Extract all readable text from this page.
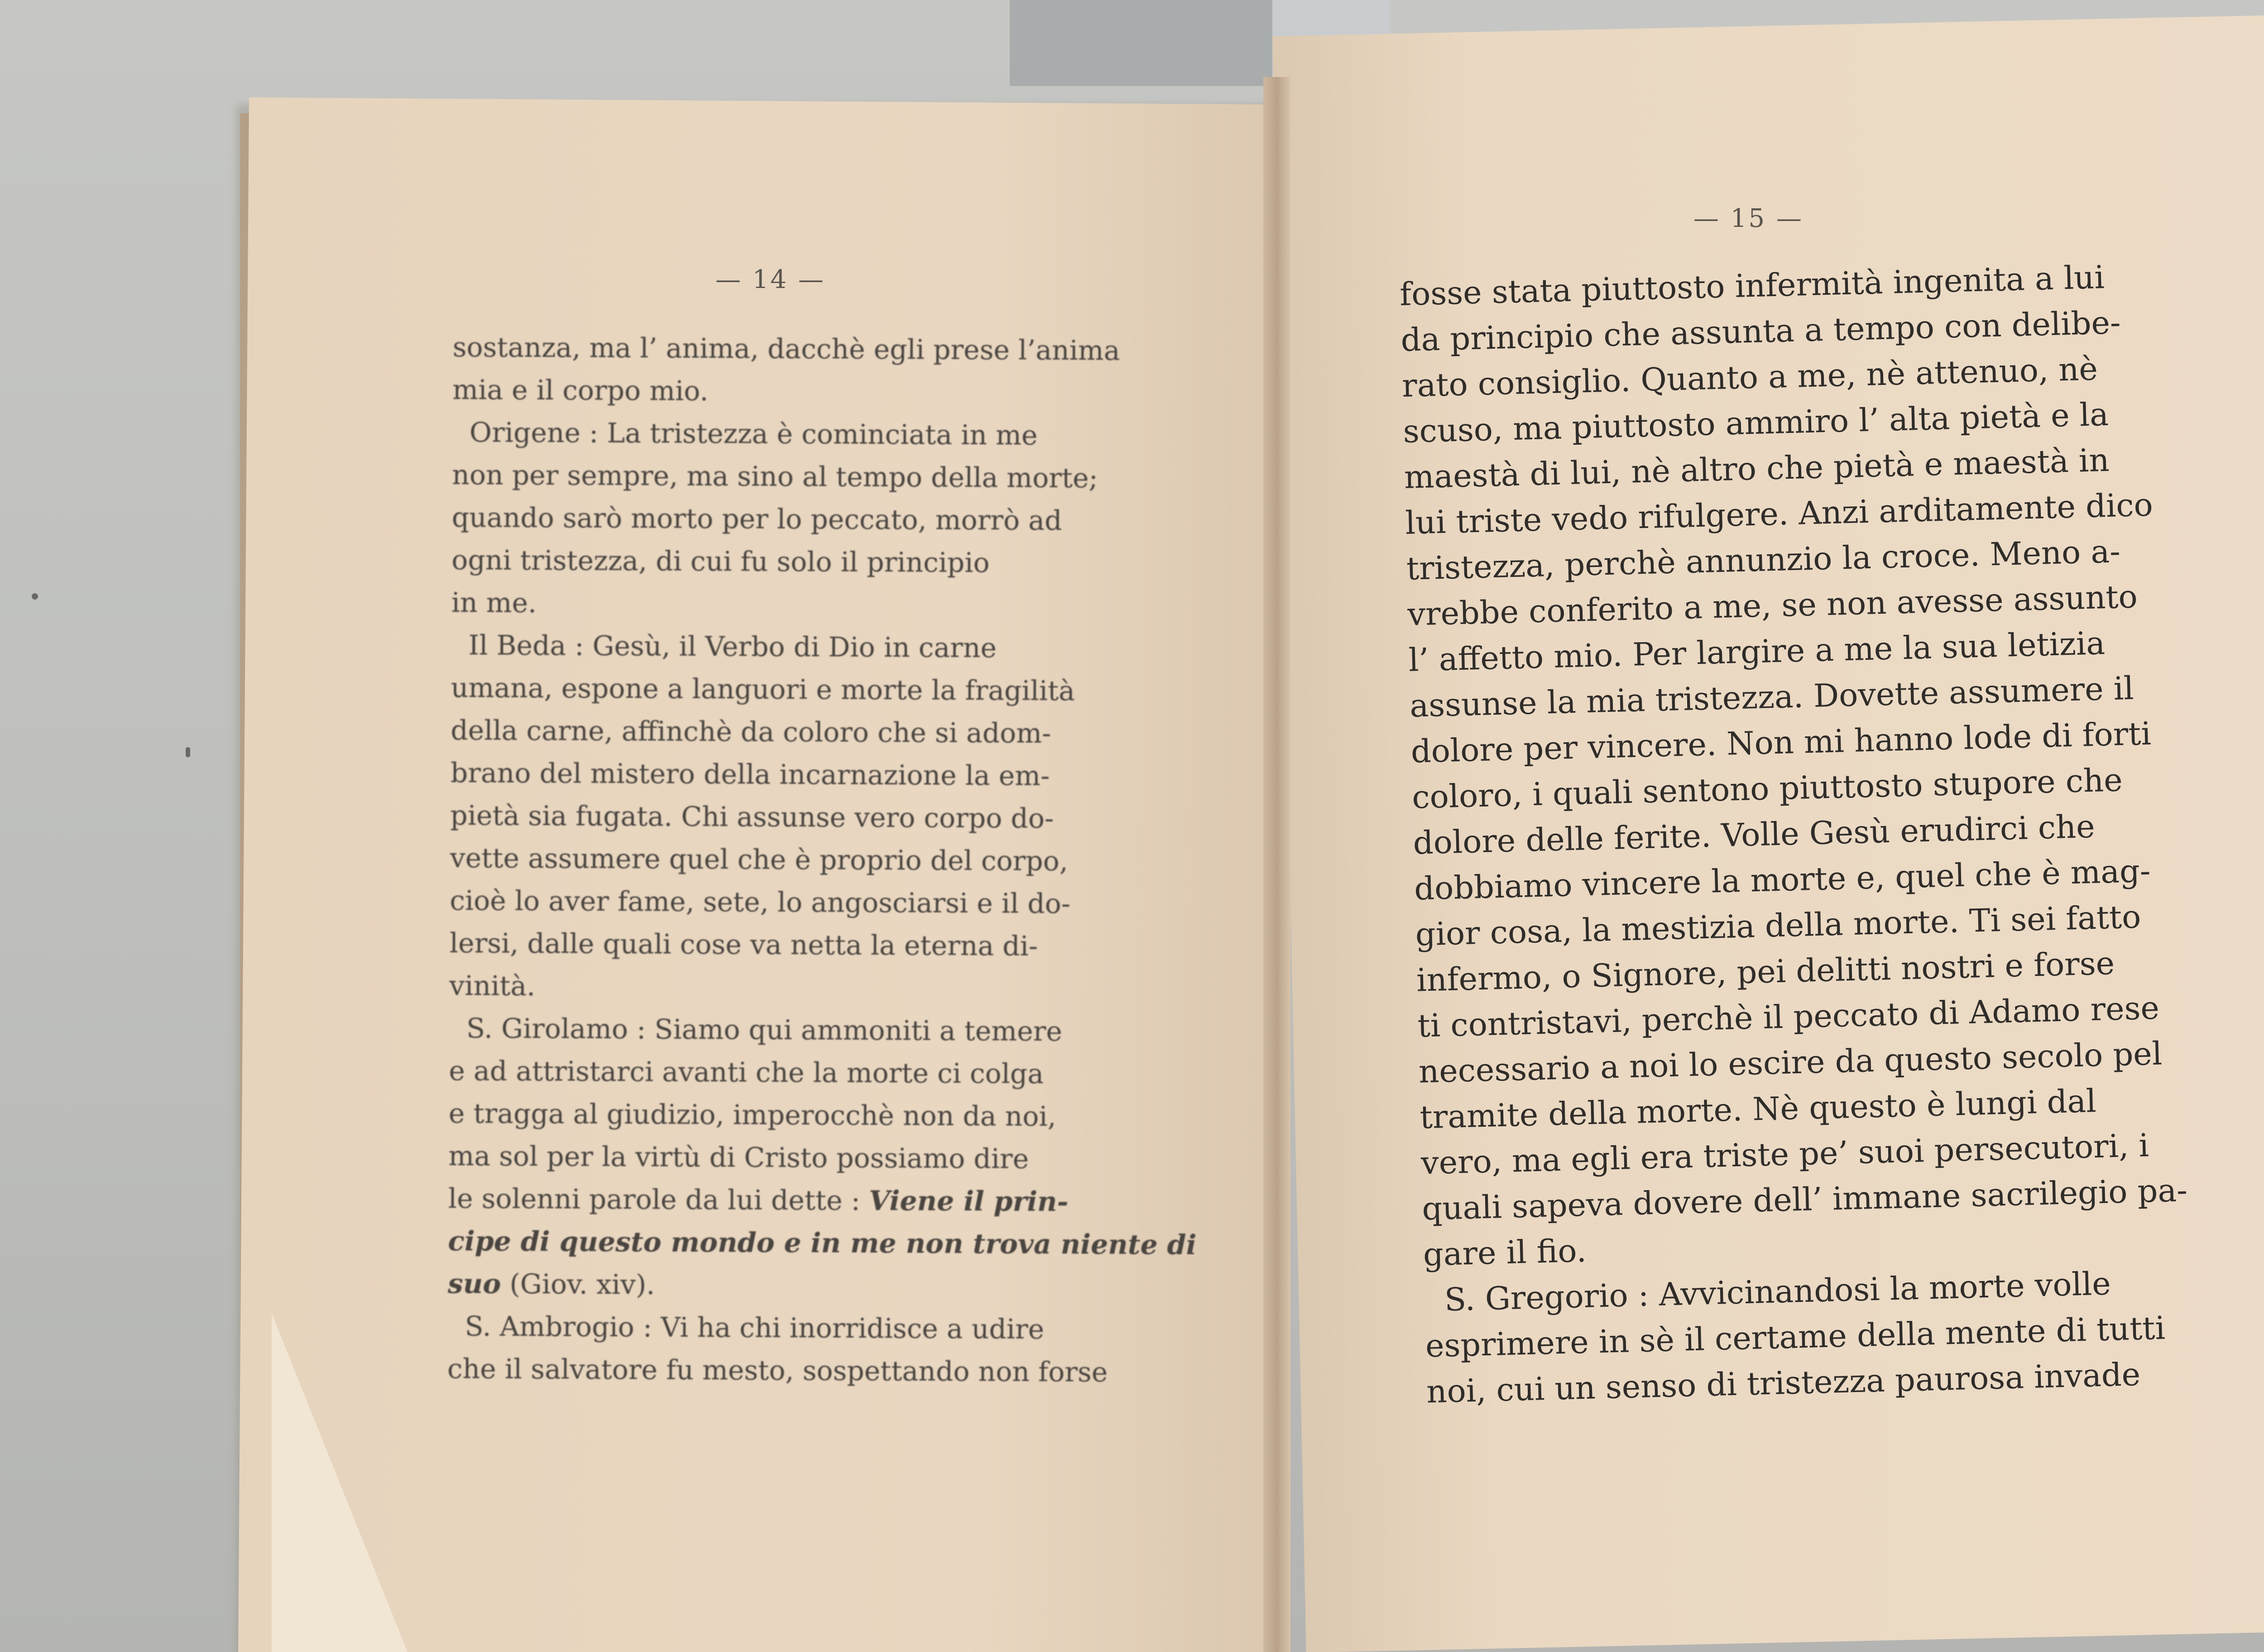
— 14 —
— 15 —
sostanza, ma l’ anima, dacchè egli prese l’anima
mia e il corpo mio.
Origene : La tristezza è cominciata in me
non per sempre, ma sino al tempo della morte;
quando sarò morto per lo peccato, morrò ad
ogni tristezza, di cui fu solo il principio
in me.
Il Beda : Gesù, il Verbo di Dio in carne
umana, espone a languori e morte la fragilità
della carne, affinchè da coloro che si adom-
brano del mistero della incarnazione la em-
pietà sia fugata. Chi assunse vero corpo do-
vette assumere quel che è proprio del corpo,
cioè lo aver fame, sete, lo angosciarsi e il do-
lersi, dalle quali cose va netta la eterna di-
vinità.
S. Girolamo : Siamo qui ammoniti a temere
e ad attristarci avanti che la morte ci colga
e tragga al giudizio, imperocchè non da noi,
ma sol per la virtù di Cristo possiamo dire
le solenni parole da lui dette : Viene il prin-
cipe di questo mondo e in me non trova niente di
suo (Giov. xiv).
S. Ambrogio : Vi ha chi inorridisce a udire
che il salvatore fu mesto, sospettando non forse
fosse stata piuttosto infermità ingenita a lui
da principio che assunta a tempo con delibe-
rato consiglio. Quanto a me, nè attenuo, nè
scuso, ma piuttosto ammiro l’ alta pietà e la
maestà di lui, nè altro che pietà e maestà in
lui triste vedo rifulgere. Anzi arditamente dico
tristezza, perchè annunzio la croce. Meno a-
vrebbe conferito a me, se non avesse assunto
l’ affetto mio. Per largire a me la sua letizia
assunse la mia tristezza. Dovette assumere il
dolore per vincere. Non mi hanno lode di forti
coloro, i quali sentono piuttosto stupore che
dolore delle ferite. Volle Gesù erudirci che
dobbiamo vincere la morte e, quel che è mag-
gior cosa, la mestizia della morte. Ti sei fatto
infermo, o Signore, pei delitti nostri e forse
ti contristavi, perchè il peccato di Adamo rese
necessario a noi lo escire da questo secolo pel
tramite della morte. Nè questo è lungi dal
vero, ma egli era triste pe’ suoi persecutori, i
quali sapeva dovere dell’ immane sacrilegio pa-
gare il fio.
S. Gregorio : Avvicinandosi la morte volle
esprimere in sè il certame della mente di tutti
noi, cui un senso di tristezza paurosa invade
